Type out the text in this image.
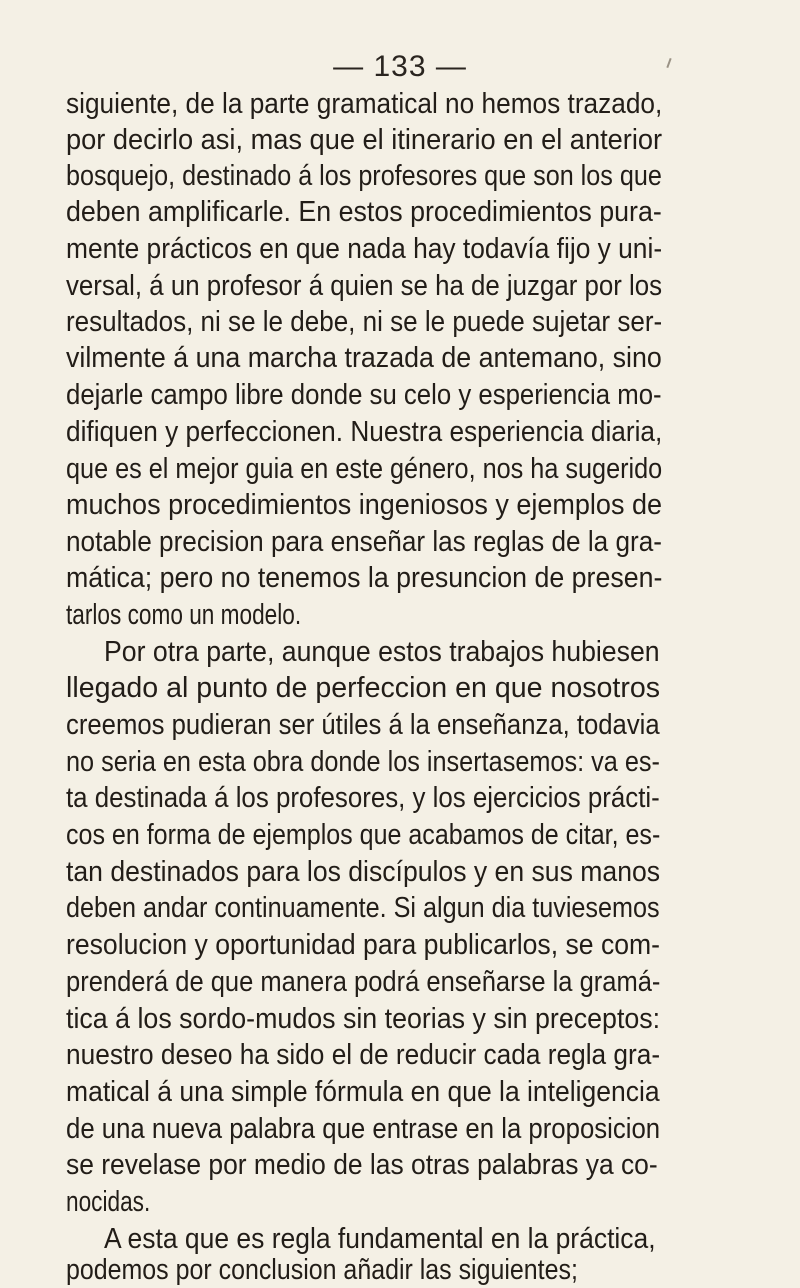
— 133 —
siguiente, de la parte gramatical no hemos trazado,
por decirlo asi, mas que el itinerario en el anterior
bosquejo, destinado á los profesores que son los que
deben amplificarle. En estos procedimientos pura-
mente prácticos en que nada hay todavía fijo y uni-
versal, á un profesor á quien se ha de juzgar por los
resultados, ni se le debe, ni se le puede sujetar ser-
vilmente á una marcha trazada de antemano, sino
dejarle campo libre donde su celo y esperiencia mo-
difiquen y perfeccionen. Nuestra esperiencia diaria,
que es el mejor guia en este género, nos ha sugerido
muchos procedimientos ingeniosos y ejemplos de
notable precision para enseñar las reglas de la gra-
mática; pero no tenemos la presuncion de presen-
tarlos como un modelo.
Por otra parte, aunque estos trabajos hubiesen
llegado al punto de perfeccion en que nosotros
creemos pudieran ser útiles á la enseñanza, todavia
no seria en esta obra donde los insertasemos: va es-
ta destinada á los profesores, y los ejercicios prácti-
cos en forma de ejemplos que acabamos de citar, es-
tan destinados para los discípulos y en sus manos
deben andar continuamente. Si algun dia tuviesemos
resolucion y oportunidad para publicarlos, se com-
prenderá de que manera podrá enseñarse la gramá-
tica á los sordo-mudos sin teorias y sin preceptos:
nuestro deseo ha sido el de reducir cada regla gra-
matical á una simple fórmula en que la inteligencia
de una nueva palabra que entrase en la proposicion
se revelase por medio de las otras palabras ya co-
nocidas.
A esta que es regla fundamental en la práctica,
podemos por conclusion añadir las siguientes;
